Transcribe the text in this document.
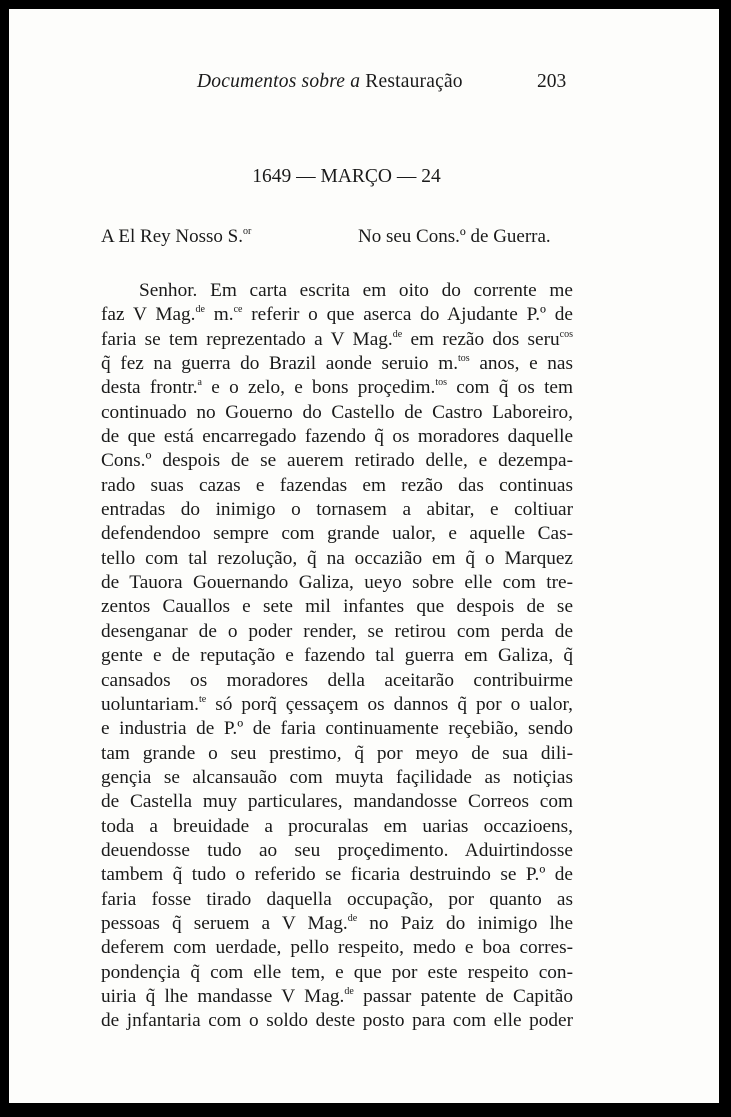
Documentos sobre a Restauração	203
1649 — MARÇO — 24
A El Rey Nosso S.$^{or}$	No seu Cons.º de Guerra.
Senhor. Em carta escrita em oito do corrente me
faz V Mag.$^{de}$ m.$^{ce}$ referir o que aserca do Ajudante P.º de
faria se tem reprezentado a V Mag.$^{de}$ em rezão dos seru$^{cos}$
q̃ fez na guerra do Brazil aonde seruio m.$^{tos}$ anos, e nas
desta frontr.$^a$ e o zelo, e bons proçedim.$^{tos}$ com q̃ os tem
continuado no Gouerno do Castello de Castro Laboreiro,
de que está encarregado fazendo q̃ os moradores daquelle
Cons.º despois de se auerem retirado delle, e dezempa-
rado suas cazas e fazendas em rezão das continuas
entradas do inimigo o tornasem a abitar, e coltiuar
defendendoo sempre com grande ualor, e aquelle Cas-
tello com tal rezolução, q̃ na occazião em q̃ o Marquez
de Tauora Gouernando Galiza, ueyo sobre elle com tre-
zentos Cauallos e sete mil infantes que despois de se
desenganar de o poder render, se retirou com perda de
gente e de reputação e fazendo tal guerra em Galiza, q̃
cansados os moradores della aceitarão contribuirme
uoluntariam.$^{te}$ só porq̃ çessaçem os dannos q̃ por o ualor,
e industria de P.º de faria continuamente reçebião, sendo
tam grande o seu prestimo, q̃ por meyo de sua dili-
gençia se alcansauão com muyta façilidade as notiçias
de Castella muy particulares, mandandosse Correos com
toda a breuidade a procuralas em uarias occazioens,
deuendosse tudo ao seu proçedimento. Aduirtindosse
tambem q̃ tudo o referido se ficaria destruindo se P.º de
faria fosse tirado daquella occupação, por quanto as
pessoas q̃ seruem a V Mag.$^{de}$ no Paiz do inimigo lhe
deferem com uerdade, pello respeito, medo e boa corres-
pondençia q̃ com elle tem, e que por este respeito con-
uiria q̃ lhe mandasse V Mag.$^{de}$ passar patente de Capitão
de jnfantaria com o soldo deste posto para com elle poder
